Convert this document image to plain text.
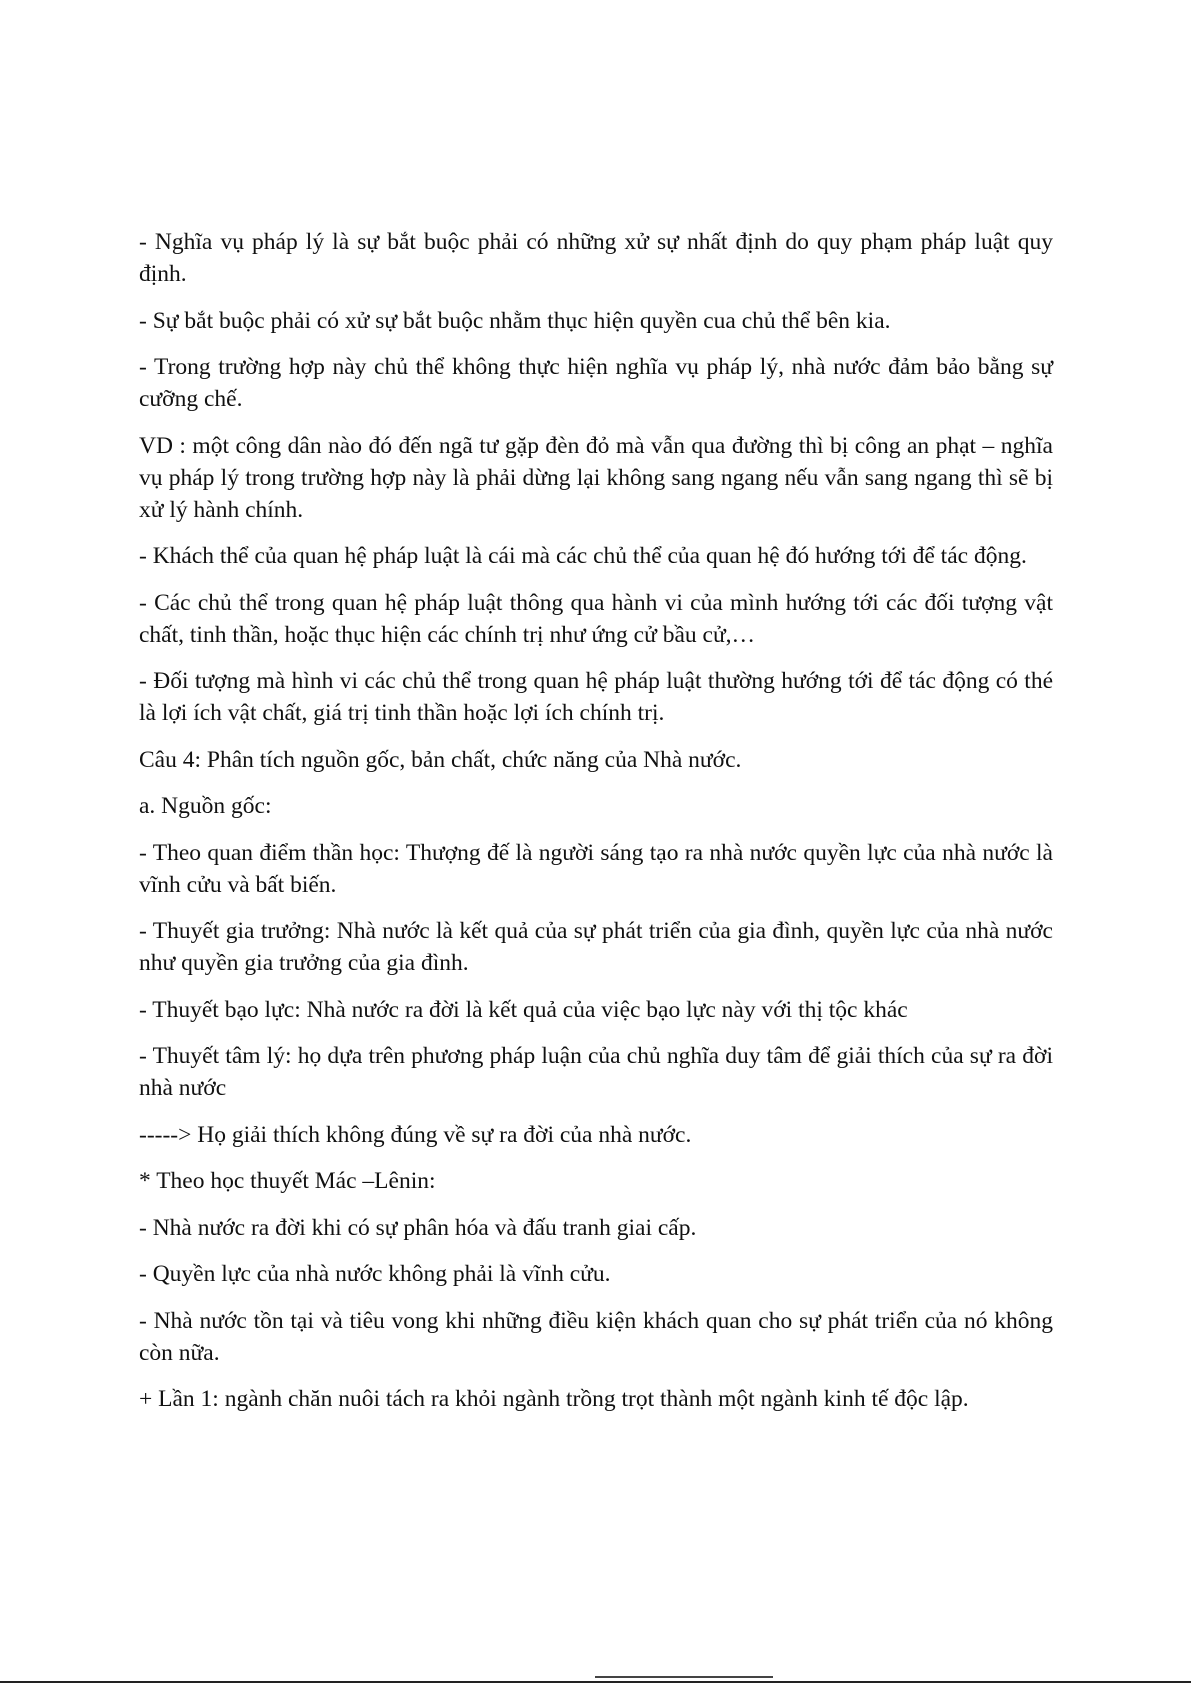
- Nghĩa vụ pháp lý là sự bắt buộc phải có những xử sự nhất định do quy phạm pháp luật quy định.

- Sự bắt buộc phải có xử sự bắt buộc nhằm thục hiện quyền cua chủ thể bên kia.

- Trong trường hợp này chủ thể không thực hiện nghĩa vụ pháp lý, nhà nước đảm bảo bằng sự cưỡng chế.

VD : một công dân nào đó đến ngã tư gặp đèn đỏ mà vẫn qua đường thì bị công an phạt – nghĩa vụ pháp lý trong trường hợp này là phải dừng lại không sang ngang nếu vẫn sang ngang thì sẽ bị xử lý hành chính.

- Khách thể của quan hệ pháp luật là cái mà các chủ thể của quan hệ đó hướng tới để tác động.

- Các chủ thể trong quan hệ pháp luật thông qua hành vi của mình hướng tới các đối tượng vật chất, tinh thần, hoặc thục hiện các chính trị như ứng cử bầu cử,…

- Đối tượng mà hình vi các chủ thể trong quan hệ pháp luật thường hướng tới để tác động có thé là lợi ích vật chất, giá trị tinh thần hoặc lợi ích chính trị.

Câu 4: Phân tích nguồn gốc, bản chất, chức năng của Nhà nước.

a. Nguồn gốc:

- Theo quan điểm thần học: Thượng đế là người sáng tạo ra nhà nước quyền lực của nhà nước là vĩnh cửu và bất biến.

- Thuyết gia trưởng: Nhà nước là kết quả của sự phát triển của gia đình, quyền lực của nhà nước như quyền gia trưởng của gia đình.

- Thuyết bạo lực: Nhà nước ra đời là kết quả của việc bạo lực này với thị tộc khác

- Thuyết tâm lý: họ dựa trên phương pháp luận của chủ nghĩa duy tâm để giải thích của sự ra đời nhà nước

-----> Họ giải thích không đúng về sự ra đời của nhà nước.

* Theo học thuyết Mác –Lênin:

- Nhà nước ra đời khi có sự phân hóa và đấu tranh giai cấp.

- Quyền lực của nhà nước không phải là vĩnh cửu.

- Nhà nước tồn tại và tiêu vong khi những điều kiện khách quan cho sự phát triển của nó không còn nữa.

+ Lần 1: ngành chăn nuôi tách ra khỏi ngành trồng trọt thành một ngành kinh tế độc lập.
